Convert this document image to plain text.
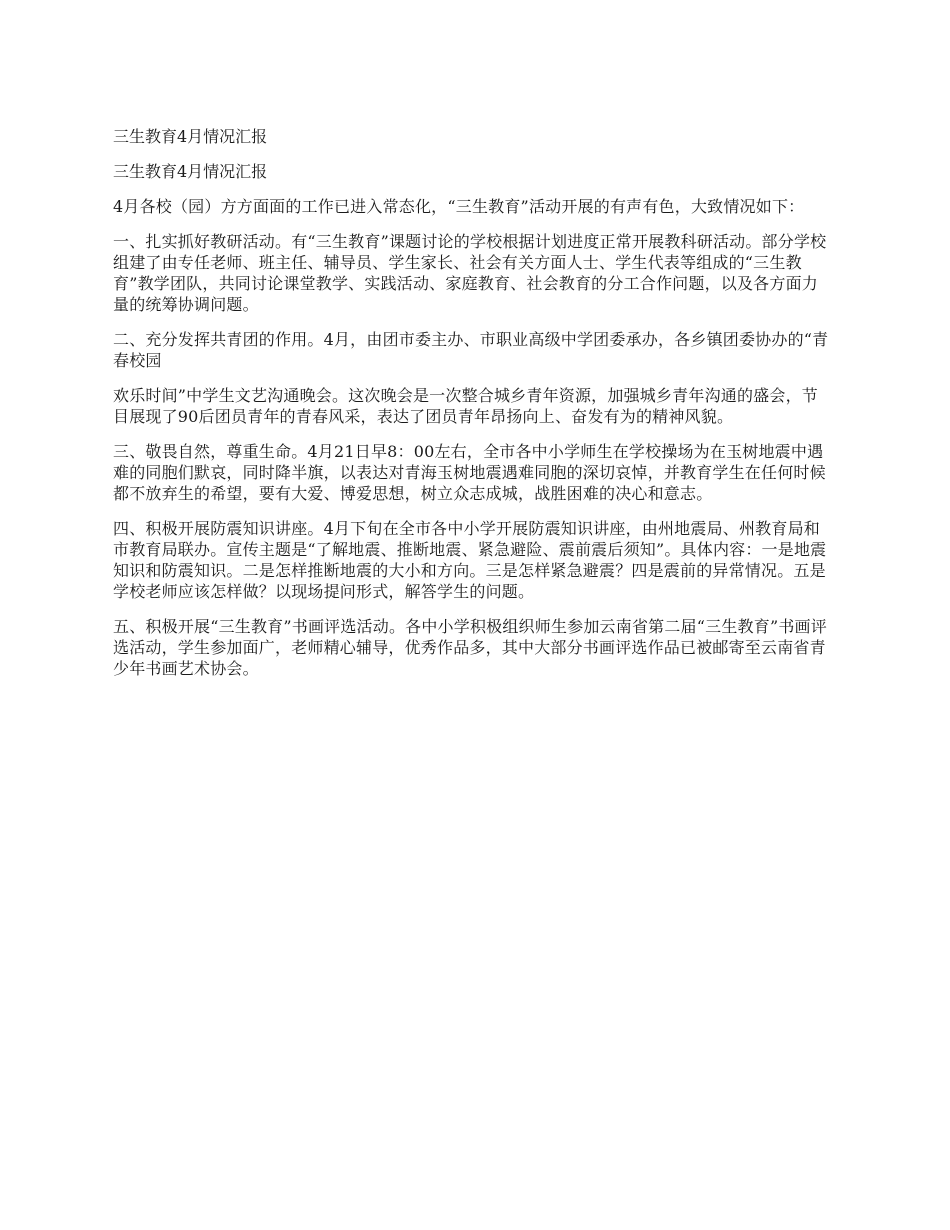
三生教育4月情况汇报

三生教育4月情况汇报

4月各校（园）方方面面的工作已进入常态化，“三生教育”活动开展的有声有色，大致情况如下：

一、扎实抓好教研活动。有“三生教育”课题讨论的学校根据计划进度正常开展教科研活动。部分学校组建了由专任老师、班主任、辅导员、学生家长、社会有关方面人士、学生代表等组成的“三生教育”教学团队，共同讨论课堂教学、实践活动、家庭教育、社会教育的分工合作问题，以及各方面力量的统筹协调问题。

二、充分发挥共青团的作用。4月，由团市委主办、市职业高级中学团委承办，各乡镇团委协办的“青春校园

欢乐时间”中学生文艺沟通晚会。这次晚会是一次整合城乡青年资源，加强城乡青年沟通的盛会，节目展现了90后团员青年的青春风采，表达了团员青年昂扬向上、奋发有为的精神风貌。

三、敬畏自然，尊重生命。4月21日早8：00左右，全市各中小学师生在学校操场为在玉树地震中遇难的同胞们默哀，同时降半旗，以表达对青海玉树地震遇难同胞的深切哀悼，并教育学生在任何时候都不放弃生的希望，要有大爱、博爱思想，树立众志成城，战胜困难的决心和意志。

四、积极开展防震知识讲座。4月下旬在全市各中小学开展防震知识讲座，由州地震局、州教育局和市教育局联办。宣传主题是“了解地震、推断地震、紧急避险、震前震后须知”。具体内容：一是地震知识和防震知识。二是怎样推断地震的大小和方向。三是怎样紧急避震？四是震前的异常情况。五是学校老师应该怎样做？以现场提问形式，解答学生的问题。

五、积极开展“三生教育”书画评选活动。各中小学积极组织师生参加云南省第二届“三生教育”书画评选活动，学生参加面广，老师精心辅导，优秀作品多，其中大部分书画评选作品已被邮寄至云南省青少年书画艺术协会。
